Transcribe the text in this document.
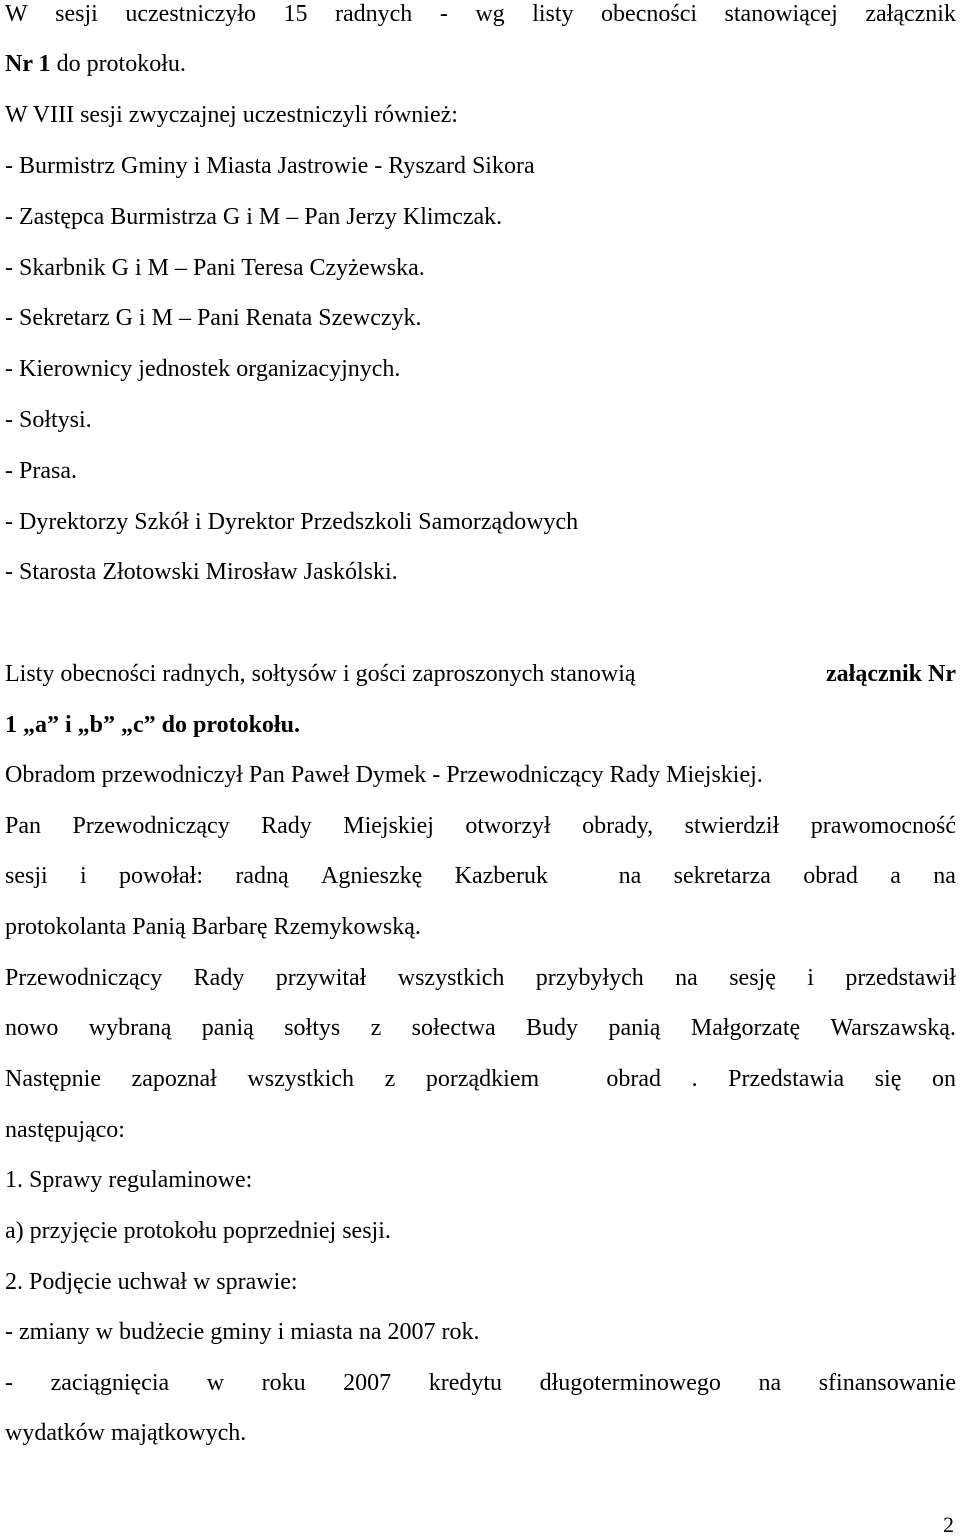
W sesji uczestniczyło 15 radnych - wg listy obecności stanowiącej załącznik
Nr 1 do protokołu.
W VIII sesji zwyczajnej uczestniczyli również:
- Burmistrz Gminy i Miasta Jastrowie - Ryszard Sikora
- Zastępca Burmistrza G i M – Pan Jerzy Klimczak.
- Skarbnik G i M – Pani Teresa Czyżewska.
- Sekretarz G i M – Pani Renata Szewczyk.
- Kierownicy jednostek organizacyjnych.
- Sołtysi.
- Prasa.
- Dyrektorzy Szkół i Dyrektor Przedszkoli Samorządowych
- Starosta Złotowski Mirosław Jaskólski.
Listy obecności radnych, sołtysów i gości zaproszonych stanowią	załącznik Nr
1 „a” i „b” „c” do protokołu.
Obradom przewodniczył Pan Paweł Dymek - Przewodniczący Rady Miejskiej.
Pan Przewodniczący Rady Miejskiej otworzył obrady, stwierdził prawomocność
sesji i powołał: radną Agnieszkę Kazberuk
	na sekretarza obrad a na
protokolanta Panią Barbarę Rzemykowską.
Przewodniczący Rady przywitał wszystkich przybyłych na sesję i przedstawił
nowo wybraną panią sołtys z sołectwa Budy panią Małgorzatę Warszawską.
Następnie zapoznał wszystkich z porządkiem
	obrad . Przedstawia się on
następująco:
1. Sprawy regulaminowe:
a) przyjęcie protokołu poprzedniej sesji.
2. Podjęcie uchwał w sprawie:
- zmiany w budżecie gminy i miasta na 2007 rok.
- zaciągnięcia w roku 2007 kredytu długoterminowego na sfinansowanie
wydatków majątkowych.
2
